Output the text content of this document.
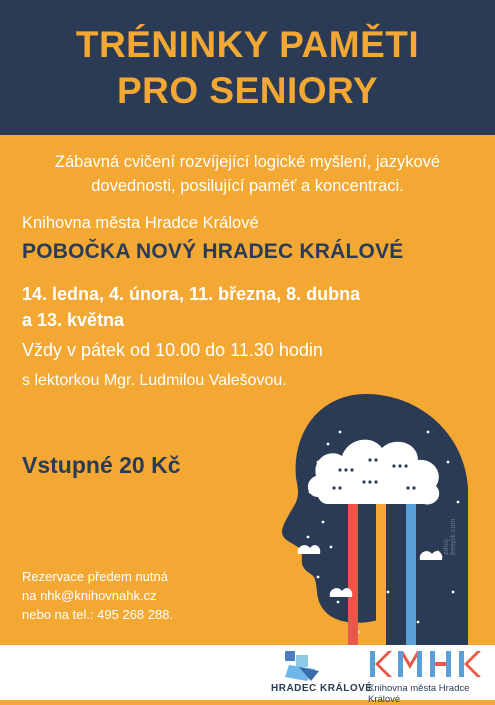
TRÉNINKY PAMĚTI
PRO SENIORY
Zábavná cvičení rozvíjející logické myšlení, jazykové dovednosti, posilující paměť a koncentraci.
Knihovna města Hradce Králové
POBOČKA NOVÝ HRADEC KRÁLOVÉ
14. ledna, 4. února, 11. března, 8. dubna
a 13. května
Vždy v pátek od 10.00 do 11.30 hodin
s lektorkou Mgr. Ludmilou Valešovou.
Vstupné 20 Kč
Rezervace předem nutná
na nhk@knihovnahk.cz
nebo na tel.: 495 268 288.
zdroj: freepik.com
HRADEC KRÁLOVÉ
Knihovna města Hradce Králové
